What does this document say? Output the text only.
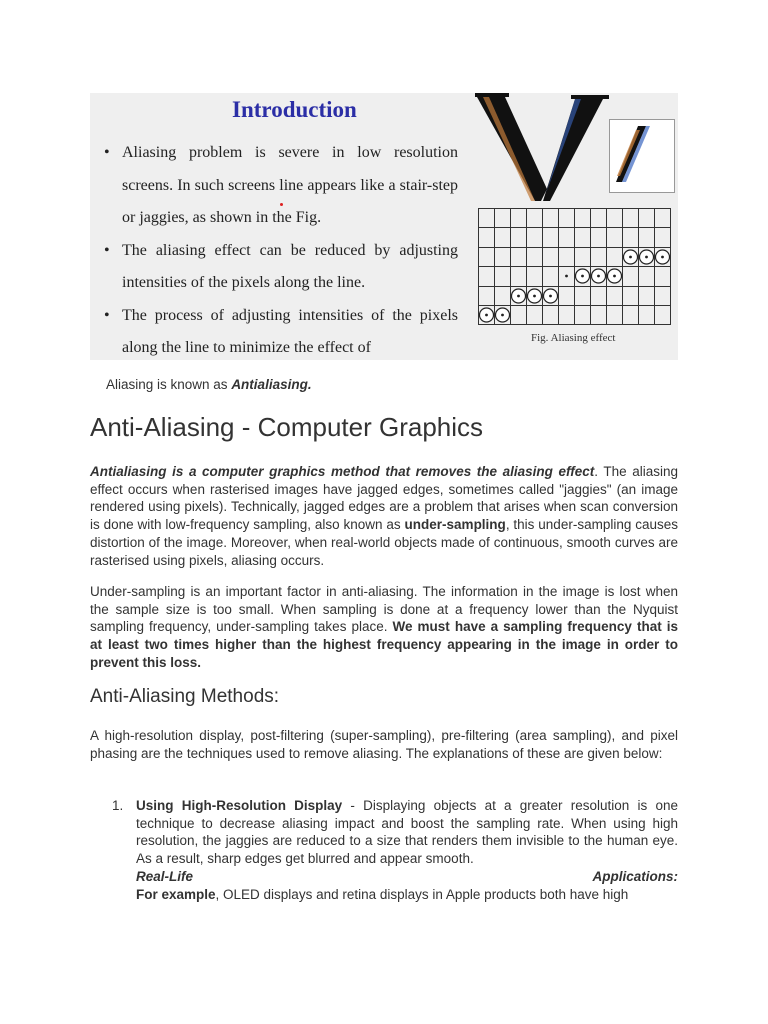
Introduction
• Aliasing problem is severe in low resolution screens. In such screens line appears like a stair-step or jaggies, as shown in the Fig.
• The aliasing effect can be reduced by adjusting intensities of the pixels along the line.
• The process of adjusting intensities of the pixels along the line to minimize the effect of

Fig. Aliasing effect

Aliasing is known as Antialiasing.

Anti-Aliasing - Computer Graphics

Antialiasing is a computer graphics method that removes the aliasing effect. The aliasing effect occurs when rasterised images have jagged edges, sometimes called "jaggies" (an image rendered using pixels). Technically, jagged edges are a problem that arises when scan conversion is done with low-frequency sampling, also known as under-sampling, this under-sampling causes distortion of the image. Moreover, when real-world objects made of continuous, smooth curves are rasterised using pixels, aliasing occurs.

Under-sampling is an important factor in anti-aliasing. The information in the image is lost when the sample size is too small. When sampling is done at a frequency lower than the Nyquist sampling frequency, under-sampling takes place. We must have a sampling frequency that is at least two times higher than the highest frequency appearing in the image in order to prevent this loss.

Anti-Aliasing Methods:

A high-resolution display, post-filtering (super-sampling), pre-filtering (area sampling), and pixel phasing are the techniques used to remove aliasing. The explanations of these are given below:

1. Using High-Resolution Display - Displaying objects at a greater resolution is one technique to decrease aliasing impact and boost the sampling rate. When using high resolution, the jaggies are reduced to a size that renders them invisible to the human eye. As a result, sharp edges get blurred and appear smooth.
Real-Life	Applications:
For example, OLED displays and retina displays in Apple products both have high
